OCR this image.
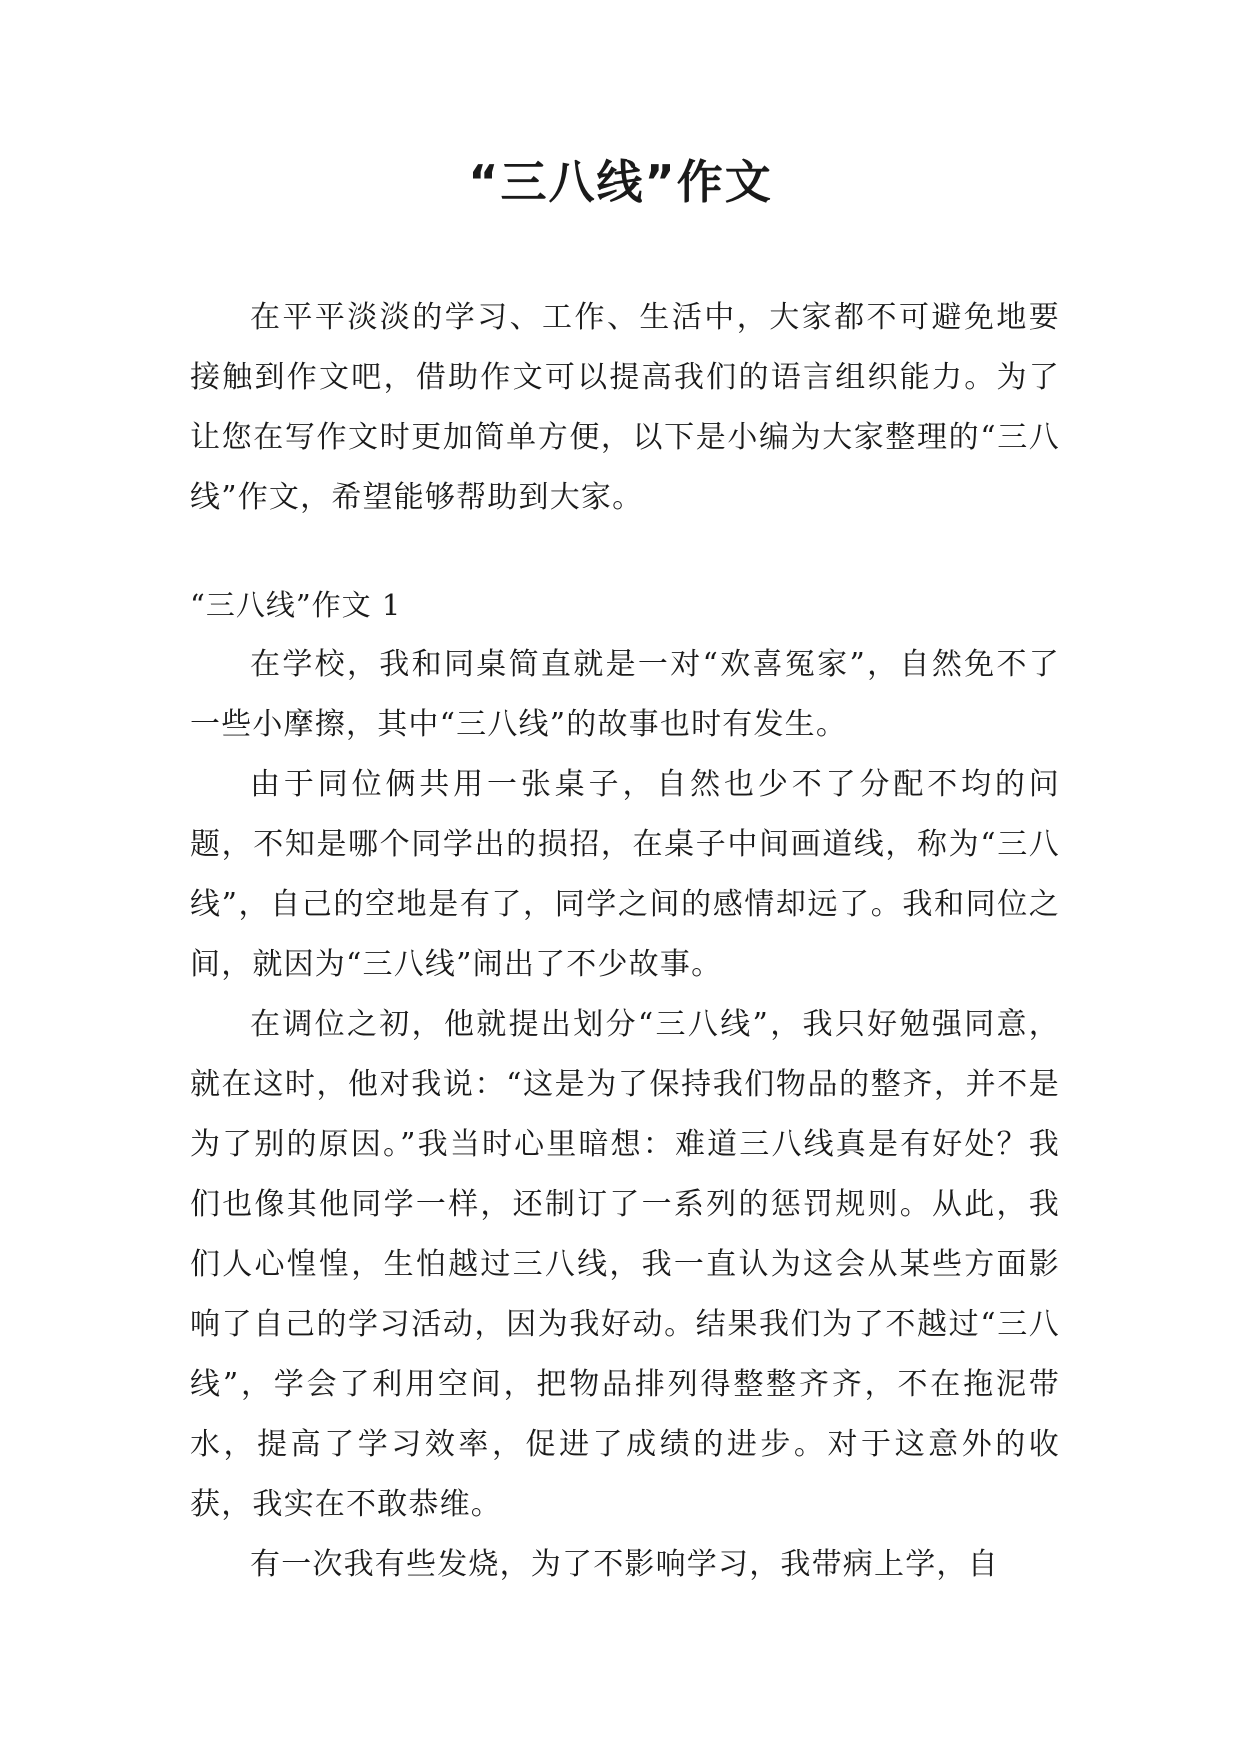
“三八线”作文

在平平淡淡的学习、工作、生活中，大家都不可避免地要接触到作文吧，借助作文可以提高我们的语言组织能力。为了让您在写作文时更加简单方便，以下是小编为大家整理的“三八线”作文，希望能够帮助到大家。

“三八线”作文 1

在学校，我和同桌简直就是一对“欢喜冤家”，自然免不了一些小摩擦，其中“三八线”的故事也时有发生。

由于同位俩共用一张桌子，自然也少不了分配不均的问题，不知是哪个同学出的损招，在桌子中间画道线，称为“三八线”，自己的空地是有了，同学之间的感情却远了。我和同位之间，就因为“三八线”闹出了不少故事。

在调位之初，他就提出划分“三八线”，我只好勉强同意，就在这时，他对我说：“这是为了保持我们物品的整齐，并不是为了别的原因。”我当时心里暗想：难道三八线真是有好处？我们也像其他同学一样，还制订了一系列的惩罚规则。从此，我们人心惶惶，生怕越过三八线，我一直认为这会从某些方面影响了自己的学习活动，因为我好动。结果我们为了不越过“三八线”，学会了利用空间，把物品排列得整整齐齐，不在拖泥带水，提高了学习效率，促进了成绩的进步。对于这意外的收获，我实在不敢恭维。

有一次我有些发烧，为了不影响学习，我带病上学，自
